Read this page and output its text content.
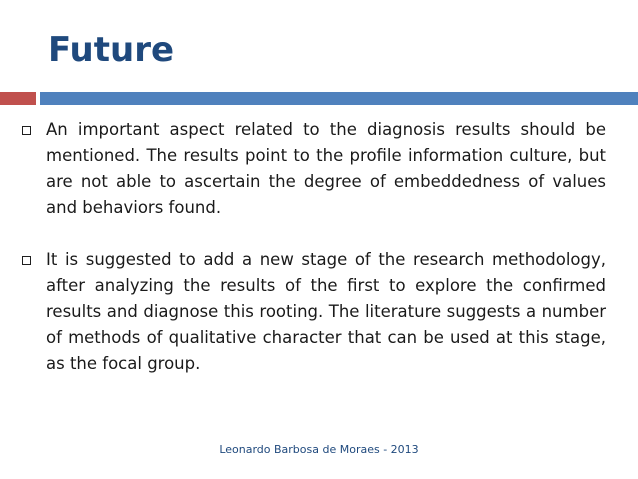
Future
An important aspect related to the diagnosis results should be mentioned. The results point to the profile information culture, but are not able to ascertain the degree of embeddedness of values and behaviors found.
It is suggested to add a new stage of the research methodology, after analyzing the results of the first to explore the confirmed results and diagnose this rooting. The literature suggests a number of methods of qualitative character that can be used at this stage, as the focal group.
Leonardo Barbosa de Moraes - 2013
